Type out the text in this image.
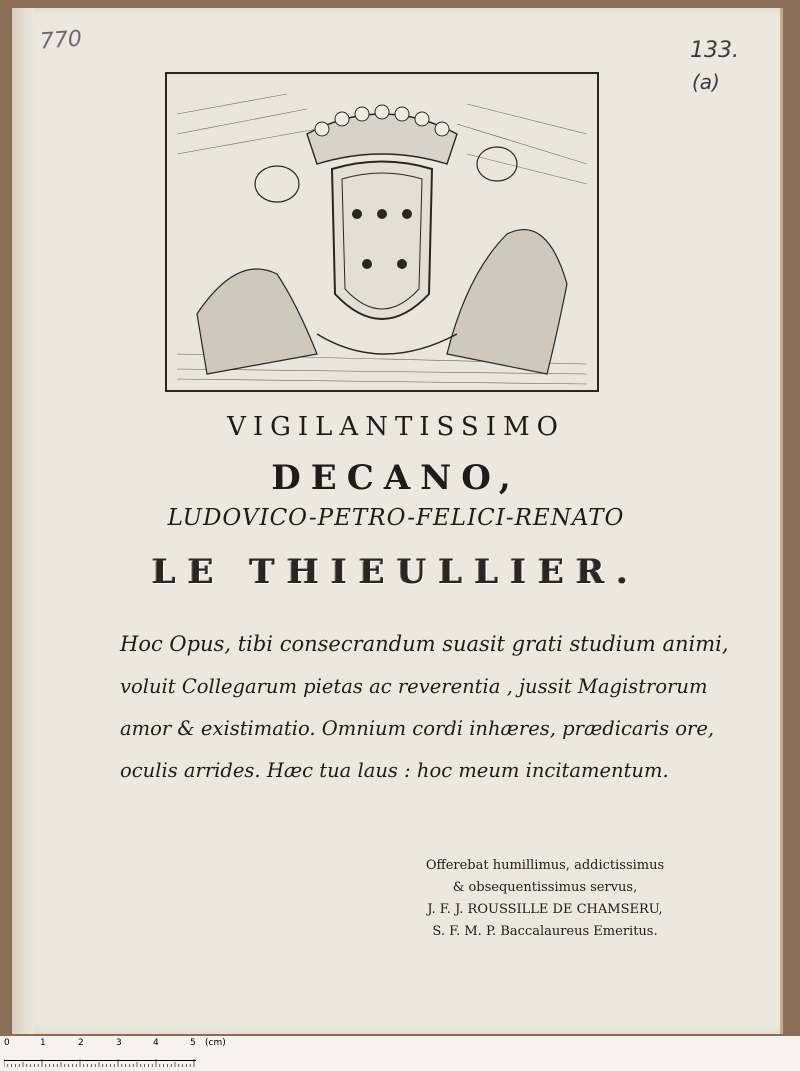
770	133.
(a)

VIGILANTISSIMO

DECANO,

LUDOVICO-PETRO-FELICI-RENATO

LE THIEULLIER.

Hoc Opus, tibi consecrandum suasit grati studium animi,

voluit Collegarum pietas ac reverentia , jussit Magistrorum

amor & existimatio. Omnium cordi inhæres, prædicaris ore,

oculis arrides. Hæc tua laus : hoc meum incitamentum.

Offerebat humillimus, addictissimus

& obsequentissimus servus,

J. F. J. ROUSSILLE DE CHAMSERU,

S. F. M. P. Baccalaureus Emeritus.

0	1	2	3	4	5 (cm)
